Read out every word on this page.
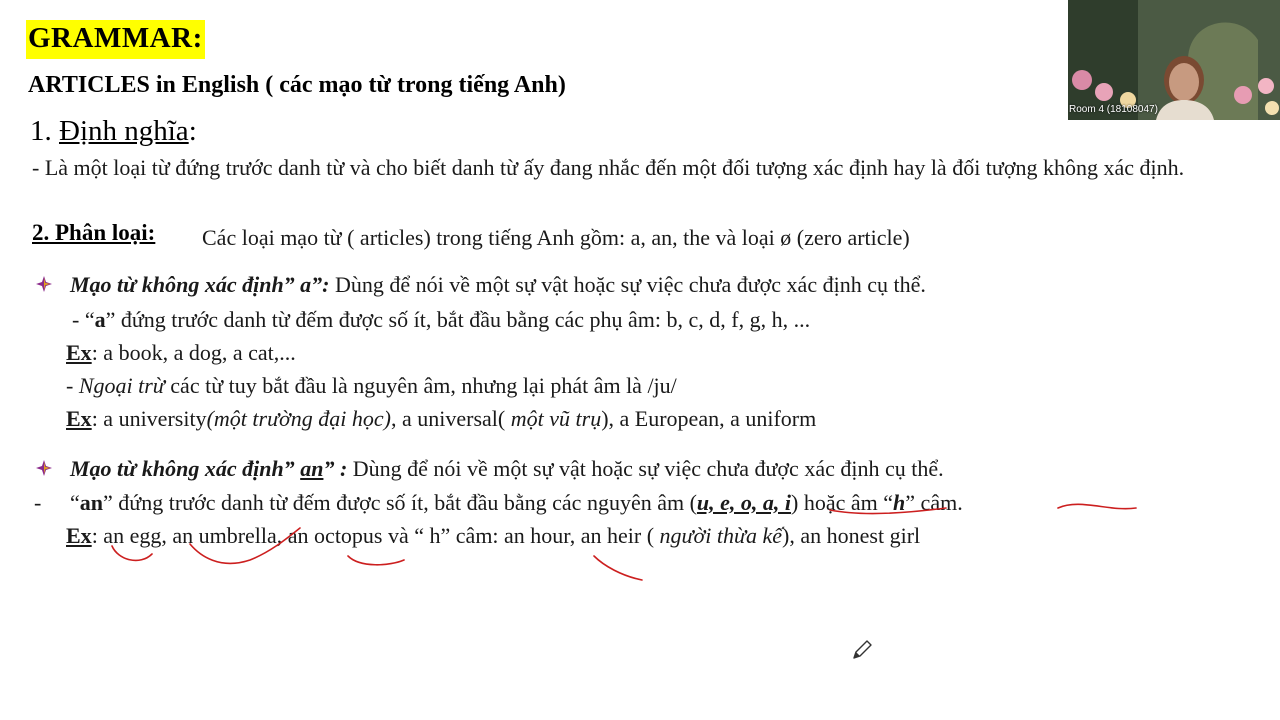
GRAMMAR:
ARTICLES in English ( các mạo từ trong tiếng Anh)
1. Định nghĩa:
- Là một loại từ đứng trước danh từ và cho biết danh từ ấy đang nhắc đến một đối tượng xác định hay là đối tượng không xác định.
2. Phân loại: Các loại mạo từ ( articles) trong tiếng Anh gồm: a, an, the và loại ø (zero article)
Mạo từ không xác định” a”: Dùng để nói về một sự vật hoặc sự việc chưa được xác định cụ thể.
- “a” đứng trước danh từ đếm được số ít, bắt đầu bằng các phụ âm: b, c, d, f, g, h, ...
Ex: a book, a dog, a cat,...
- Ngoại trừ các từ tuy bắt đầu là nguyên âm, nhưng lại phát âm là /ju/
Ex: a university(một trường đại học), a universal( một vũ trụ), a European, a uniform
Mạo từ không xác định” an” : Dùng để nói về một sự vật hoặc sự việc chưa được xác định cụ thể.
- “an” đứng trước danh từ đếm được số ít, bắt đầu bằng các nguyên âm (u, e, o, a, i) hoặc âm “h” câm.
Ex: an egg, an umbrella, an octopus và “ h” câm: an hour, an heir ( người thừa kế), an honest girl
Room 4 (18108047)
